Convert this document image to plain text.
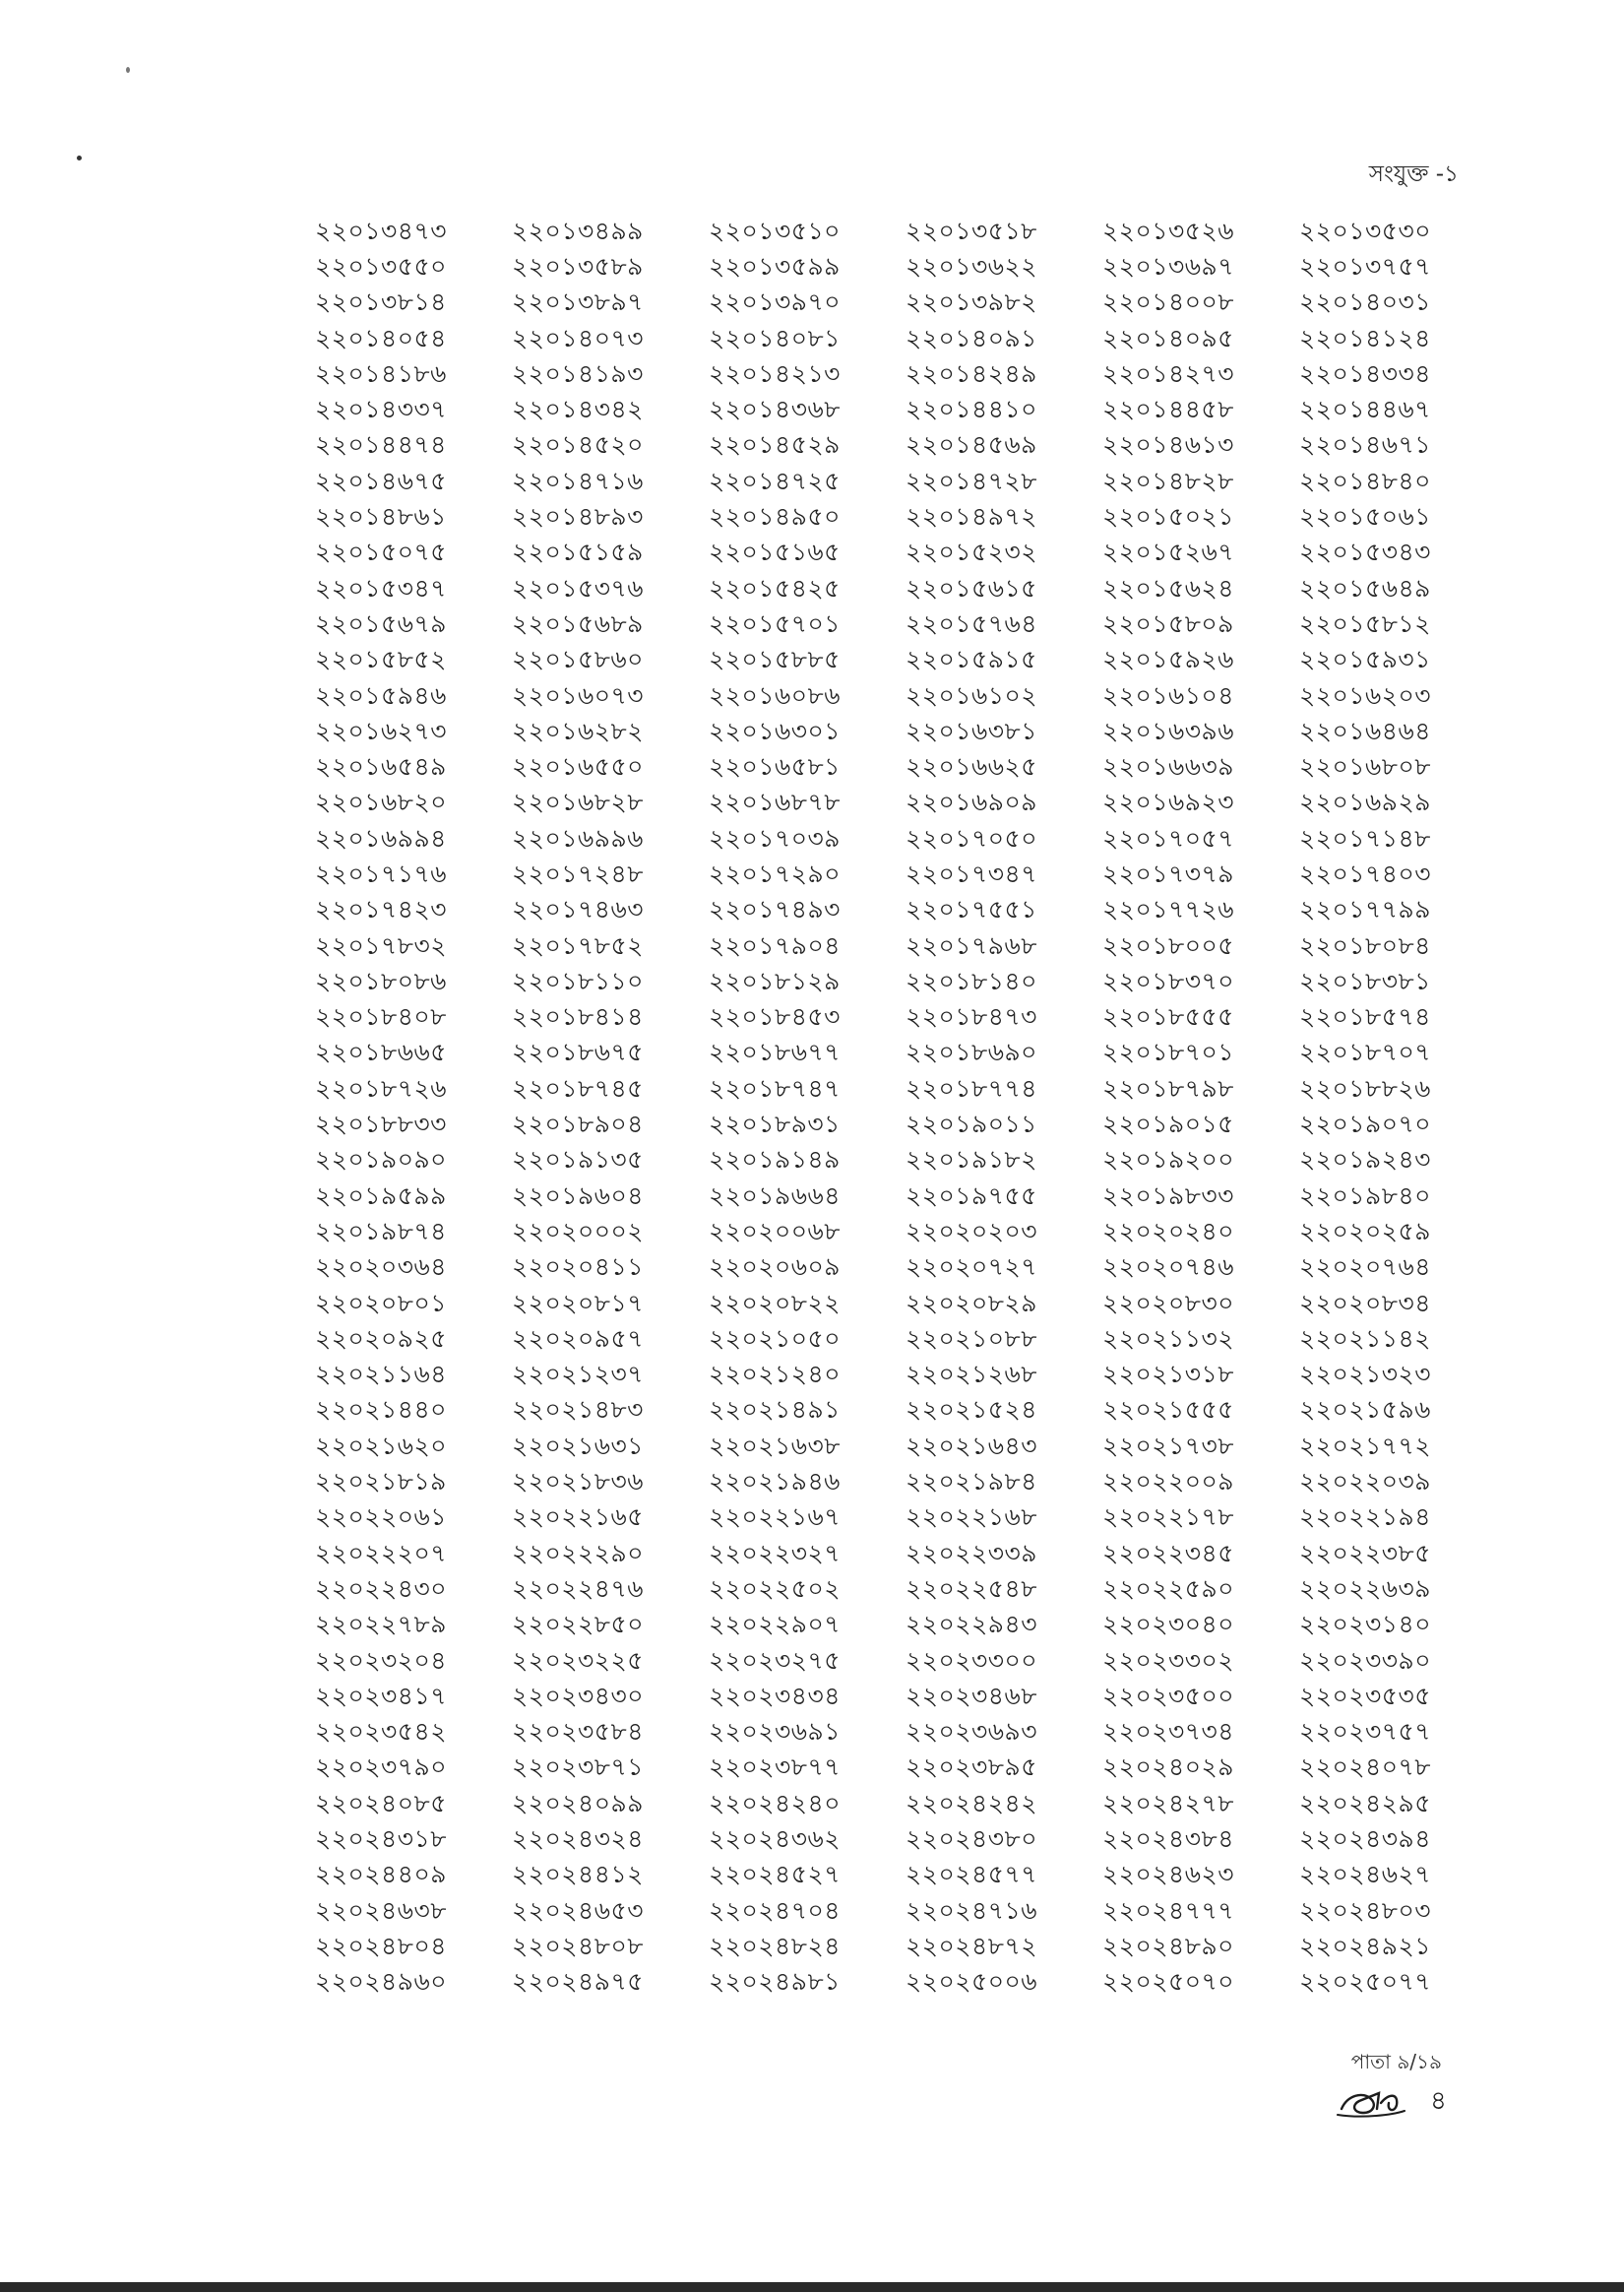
সংযুক্ত -১
২২০১৩৪৭৩	২২০১৩৪৯৯	২২০১৩৫১০	২২০১৩৫১৮	২২০১৩৫২৬	২২০১৩৫৩০
২২০১৩৫৫০	২২০১৩৫৮৯	২২০১৩৫৯৯	২২০১৩৬২২	২২০১৩৬৯৭	২২০১৩৭৫৭
২২০১৩৮১৪	২২০১৩৮৯৭	২২০১৩৯৭০	২২০১৩৯৮২	২২০১৪০০৮	২২০১৪০৩১
২২০১৪০৫৪	২২০১৪০৭৩	২২০১৪০৮১	২২০১৪০৯১	২২০১৪০৯৫	২২০১৪১২৪
২২০১৪১৮৬	২২০১৪১৯৩	২২০১৪২১৩	২২০১৪২৪৯	২২০১৪২৭৩	২২০১৪৩৩৪
২২০১৪৩৩৭	২২০১৪৩৪২	২২০১৪৩৬৮	২২০১৪৪১০	২২০১৪৪৫৮	২২০১৪৪৬৭
২২০১৪৪৭৪	২২০১৪৫২০	২২০১৪৫২৯	২২০১৪৫৬৯	২২০১৪৬১৩	২২০১৪৬৭১
২২০১৪৬৭৫	২২০১৪৭১৬	২২০১৪৭২৫	২২০১৪৭২৮	২২০১৪৮২৮	২২০১৪৮৪০
২২০১৪৮৬১	২২০১৪৮৯৩	২২০১৪৯৫০	২২০১৪৯৭২	২২০১৫০২১	২২০১৫০৬১
২২০১৫০৭৫	২২০১৫১৫৯	২২০১৫১৬৫	২২০১৫২৩২	২২০১৫২৬৭	২২০১৫৩৪৩
২২০১৫৩৪৭	২২০১৫৩৭৬	২২০১৫৪২৫	২২০১৫৬১৫	২২০১৫৬২৪	২২০১৫৬৪৯
২২০১৫৬৭৯	২২০১৫৬৮৯	২২০১৫৭০১	২২০১৫৭৬৪	২২০১৫৮০৯	২২০১৫৮১২
২২০১৫৮৫২	২২০১৫৮৬০	২২০১৫৮৮৫	২২০১৫৯১৫	২২০১৫৯২৬	২২০১৫৯৩১
২২০১৫৯৪৬	২২০১৬০৭৩	২২০১৬০৮৬	২২০১৬১০২	২২০১৬১০৪	২২০১৬২০৩
২২০১৬২৭৩	২২০১৬২৮২	২২০১৬৩০১	২২০১৬৩৮১	২২০১৬৩৯৬	২২০১৬৪৬৪
২২০১৬৫৪৯	২২০১৬৫৫০	২২০১৬৫৮১	২২০১৬৬২৫	২২০১৬৬৩৯	২২০১৬৮০৮
২২০১৬৮২০	২২০১৬৮২৮	২২০১৬৮৭৮	২২০১৬৯০৯	২২০১৬৯২৩	২২০১৬৯২৯
২২০১৬৯৯৪	২২০১৬৯৯৬	২২০১৭০৩৯	২২০১৭০৫০	২২০১৭০৫৭	২২০১৭১৪৮
২২০১৭১৭৬	২২০১৭২৪৮	২২০১৭২৯০	২২০১৭৩৪৭	২২০১৭৩৭৯	২২০১৭৪০৩
২২০১৭৪২৩	২২০১৭৪৬৩	২২০১৭৪৯৩	২২০১৭৫৫১	২২০১৭৭২৬	২২০১৭৭৯৯
২২০১৭৮৩২	২২০১৭৮৫২	২২০১৭৯০৪	২২০১৭৯৬৮	২২০১৮০০৫	২২০১৮০৮৪
২২০১৮০৮৬	২২০১৮১১০	২২০১৮১২৯	২২০১৮১৪০	২২০১৮৩৭০	২২০১৮৩৮১
২২০১৮৪০৮	২২০১৮৪১৪	২২০১৮৪৫৩	২২০১৮৪৭৩	২২০১৮৫৫৫	২২০১৮৫৭৪
২২০১৮৬৬৫	২২০১৮৬৭৫	২২০১৮৬৭৭	২২০১৮৬৯০	২২০১৮৭০১	২২০১৮৭০৭
২২০১৮৭২৬	২২০১৮৭৪৫	২২০১৮৭৪৭	২২০১৮৭৭৪	২২০১৮৭৯৮	২২০১৮৮২৬
২২০১৮৮৩৩	২২০১৮৯০৪	২২০১৮৯৩১	২২০১৯০১১	২২০১৯০১৫	২২০১৯০৭০
২২০১৯০৯০	২২০১৯১৩৫	২২০১৯১৪৯	২২০১৯১৮২	২২০১৯২০০	২২০১৯২৪৩
২২০১৯৫৯৯	২২০১৯৬০৪	২২০১৯৬৬৪	২২০১৯৭৫৫	২২০১৯৮৩৩	২২০১৯৮৪০
২২০১৯৮৭৪	২২০২০০০২	২২০২০০৬৮	২২০২০২০৩	২২০২০২৪০	২২০২০২৫৯
২২০২০৩৬৪	২২০২০৪১১	২২০২০৬০৯	২২০২০৭২৭	২২০২০৭৪৬	২২০২০৭৬৪
২২০২০৮০১	২২০২০৮১৭	২২০২০৮২২	২২০২০৮২৯	২২০২০৮৩০	২২০২০৮৩৪
২২০২০৯২৫	২২০২০৯৫৭	২২০২১০৫০	২২০২১০৮৮	২২০২১১৩২	২২০২১১৪২
২২০২১১৬৪	২২০২১২৩৭	২২০২১২৪০	২২০২১২৬৮	২২০২১৩১৮	২২০২১৩২৩
২২০২১৪৪০	২২০২১৪৮৩	২২০২১৪৯১	২২০২১৫২৪	২২০২১৫৫৫	২২০২১৫৯৬
২২০২১৬২০	২২০২১৬৩১	২২০২১৬৩৮	২২০২১৬৪৩	২২০২১৭৩৮	২২০২১৭৭২
২২০২১৮১৯	২২০২১৮৩৬	২২০২১৯৪৬	২২০২১৯৮৪	২২০২২০০৯	২২০২২০৩৯
২২০২২০৬১	২২০২২১৬৫	২২০২২১৬৭	২২০২২১৬৮	২২০২২১৭৮	২২০২২১৯৪
২২০২২২০৭	২২০২২২৯০	২২০২২৩২৭	২২০২২৩৩৯	২২০২২৩৪৫	২২০২২৩৮৫
২২০২২৪৩০	২২০২২৪৭৬	২২০২২৫০২	২২০২২৫৪৮	২২০২২৫৯০	২২০২২৬৩৯
২২০২২৭৮৯	২২০২২৮৫০	২২০২২৯০৭	২২০২২৯৪৩	২২০২৩০৪০	২২০২৩১৪০
২২০২৩২০৪	২২০২৩২২৫	২২০২৩২৭৫	২২০২৩৩০০	২২০২৩৩০২	২২০২৩৩৯০
২২০২৩৪১৭	২২০২৩৪৩০	২২০২৩৪৩৪	২২০২৩৪৬৮	২২০২৩৫০০	২২০২৩৫৩৫
২২০২৩৫৪২	২২০২৩৫৮৪	২২০২৩৬৯১	২২০২৩৬৯৩	২২০২৩৭৩৪	২২০২৩৭৫৭
২২০২৩৭৯০	২২০২৩৮৭১	২২০২৩৮৭৭	২২০২৩৮৯৫	২২০২৪০২৯	২২০২৪০৭৮
২২০২৪০৮৫	২২০২৪০৯৯	২২০২৪২৪০	২২০২৪২৪২	২২০২৪২৭৮	২২০২৪২৯৫
২২০২৪৩১৮	২২০২৪৩২৪	২২০২৪৩৬২	২২০২৪৩৮০	২২০২৪৩৮৪	২২০২৪৩৯৪
২২০২৪৪০৯	২২০২৪৪১২	২২০২৪৫২৭	২২০২৪৫৭৭	২২০২৪৬২৩	২২০২৪৬২৭
২২০২৪৬৩৮	২২০২৪৬৫৩	২২০২৪৭০৪	২২০২৪৭১৬	২২০২৪৭৭৭	২২০২৪৮০৩
২২০২৪৮০৪	২২০২৪৮০৮	২২০২৪৮২৪	২২০২৪৮৭২	২২০২৪৮৯০	২২০২৪৯২১
২২০২৪৯৬০	২২০২৪৯৭৫	২২০২৪৯৮১	২২০২৫০০৬	২২০২৫০৭০	২২০২৫০৭৭
পাতা ৯/১৯
৪
